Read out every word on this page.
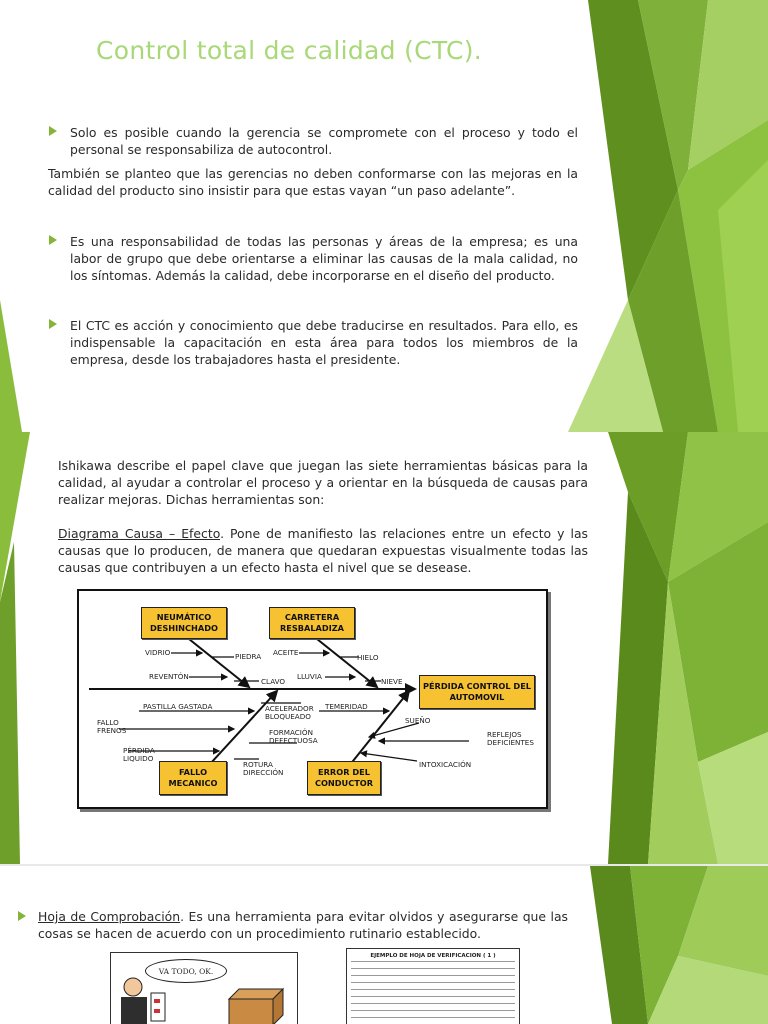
Control total de calidad (CTC).
Solo es posible cuando la gerencia se compromete con el proceso y todo el personal se responsabiliza de autocontrol.
También se planteo que las gerencias no deben conformarse con las mejoras en la calidad del producto sino insistir para que estas vayan “un paso adelante”.
Es una responsabilidad de todas las personas y áreas de la empresa; es una labor de grupo que debe orientarse a eliminar las causas de la mala calidad, no los síntomas. Además la calidad, debe incorporarse en el diseño del producto.
El CTC es acción y conocimiento que debe traducirse en resultados. Para ello, es indispensable la capacitación en esta área para todos los miembros de la empresa, desde los trabajadores hasta el presidente.
Ishikawa describe el papel clave que juegan las siete herramientas básicas para la calidad, al ayudar a controlar el proceso y a orientar en la búsqueda de causas para realizar mejoras. Dichas herramientas son:
Diagrama Causa – Efecto. Pone de manifiesto las relaciones entre un efecto y las causas que lo producen, de manera que quedaran expuestas visualmente todas las causas que contribuyen a un efecto hasta el nivel que se desease.
NEUMÁTICO DESHINCHADO
CARRETERA RESBALADIZA
PÉRDIDA CONTROL DEL AUTOMOVIL
FALLO MECANICO
ERROR DEL CONDUCTOR
VIDRIO	PIEDRA
REVENTÓN
CLAVO
ACEITE
HIELO
LLUVIA
NIEVE
PASTILLA GASTADA
FALLO
FRENOS
PÉRDIDA
LIQUIDO
ACELERADOR
BLOQUEADO
FORMACIÓN
DEFECTUOSA
ROTURA
DIRECCIÓN
TEMERIDAD
SUEÑO
REFLEJOS
DEFICIENTES
INTOXICACIÓN
Hoja de Comprobación. Es una herramienta para evitar olvidos y asegurarse que las cosas se hacen de acuerdo con un procedimiento rutinario establecido.
VA TODO, OK.
EJEMPLO DE HOJA DE VERIFICACION ( 1 )
